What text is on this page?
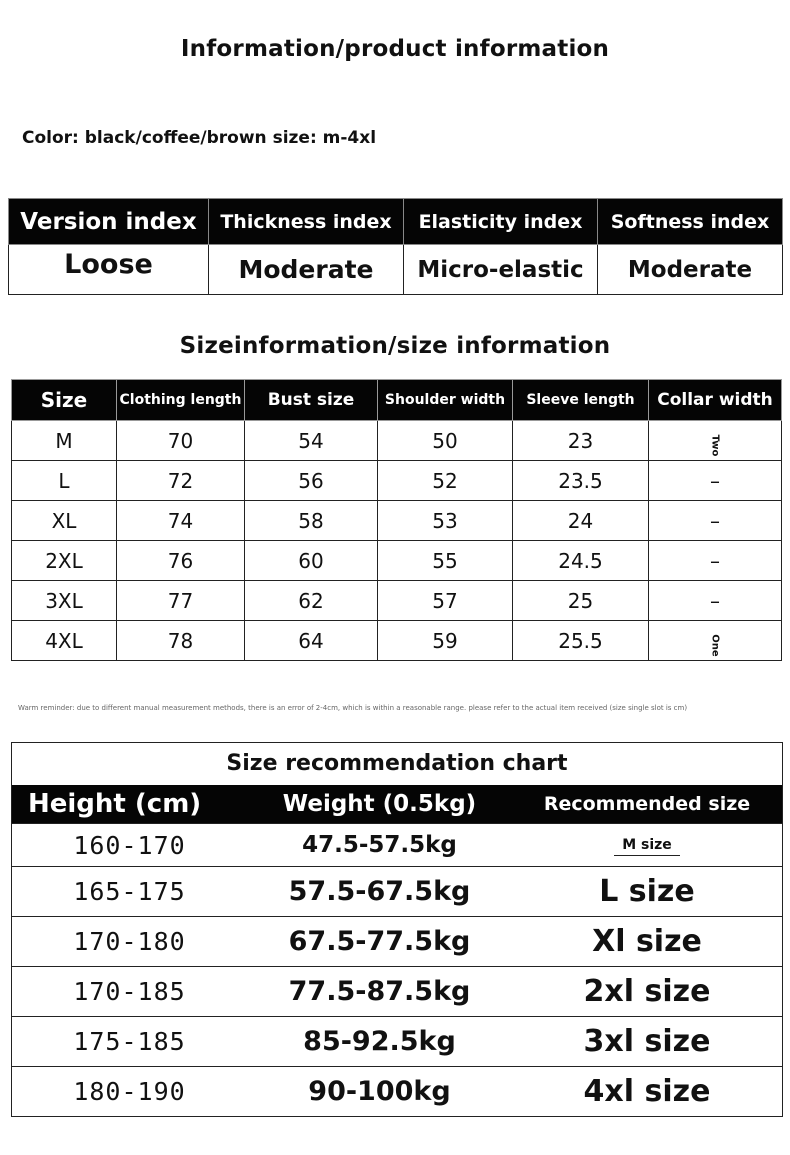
Information/product information
Color: black/coffee/brown size: m-4xl
Version index	Thickness index	Elasticity index	Softness index
Loose	Moderate	Micro-elastic	Moderate
Sizeinformation/size information
Size	Clothing length	Bust size	Shoulder width	Sleeve length	Collar width
M	70	54	50	23	Two
L	72	56	52	23.5	–
XL	74	58	53	24	–
2XL	76	60	55	24.5	–
3XL	77	62	57	25	–
4XL	78	64	59	25.5	One
Warm reminder: due to different manual measurement methods, there is an error of 2-4cm, which is within a reasonable range. please refer to the actual item received (size single slot is cm)
Size recommendation chart
Height (cm)	Weight (0.5kg)	Recommended size
160-170	47.5-57.5kg	M size
165-175	57.5-67.5kg	L size
170-180	67.5-77.5kg	Xl size
170-185	77.5-87.5kg	2xl size
175-185	85-92.5kg	3xl size
180-190	90-100kg	4xl size
